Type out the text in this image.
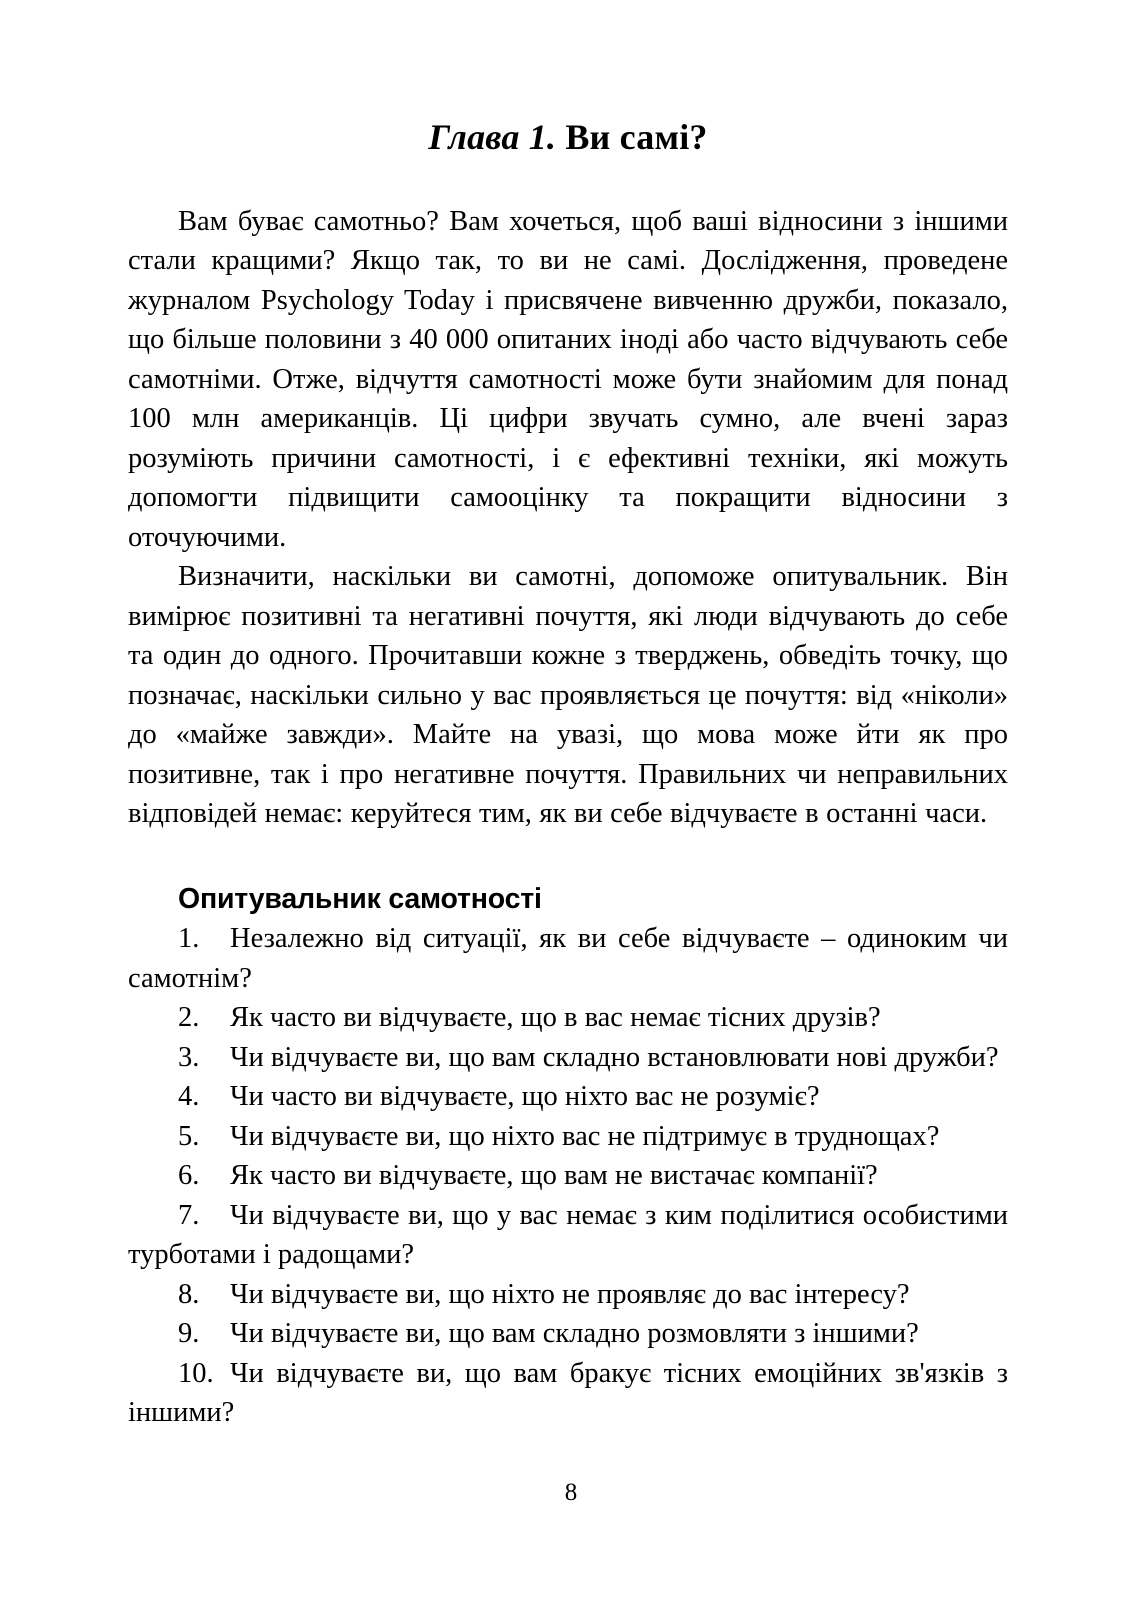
Глава 1. Ви самі?

Вам буває самотньо? Вам хочеться, щоб ваші відносини з іншими стали кращими? Якщо так, то ви не самі. Дослідження, проведене журналом Psychology Today і присвячене вивченню дружби, показало, що більше половини з 40 000 опитаних іноді або часто відчувають себе самотніми. Отже, відчуття самотності може бути знайомим для понад 100 млн американців. Ці цифри звучать сумно, але вчені зараз розуміють причини самотності, і є ефективні техніки, які можуть допомогти підвищити самооцінку та покращити відносини з оточуючими.

Визначити, наскільки ви самотні, допоможе опитувальник. Він вимірює позитивні та негативні почуття, які люди відчувають до себе та один до одного. Прочитавши кожне з тверджень, обведіть точку, що позначає, наскільки сильно у вас проявляється це почуття: від «ніколи» до «майже завжди». Майте на увазі, що мова може йти як про позитивне, так і про негативне почуття. Правильних чи неправильних відповідей немає: керуйтеся тим, як ви себе відчуваєте в останні часи.

Опитувальник самотності
1. Незалежно від ситуації, як ви себе відчуваєте – одиноким чи самотнім?
2. Як часто ви відчуваєте, що в вас немає тісних друзів?
3. Чи відчуваєте ви, що вам складно встановлювати нові дружби?
4. Чи часто ви відчуваєте, що ніхто вас не розуміє?
5. Чи відчуваєте ви, що ніхто вас не підтримує в труднощах?
6. Як часто ви відчуваєте, що вам не вистачає компанії?
7. Чи відчуваєте ви, що у вас немає з ким поділитися особистими турботами і радощами?
8. Чи відчуваєте ви, що ніхто не проявляє до вас інтересу?
9. Чи відчуваєте ви, що вам складно розмовляти з іншими?
10. Чи відчуваєте ви, що вам бракує тісних емоційних зв'язків з іншими?
8
